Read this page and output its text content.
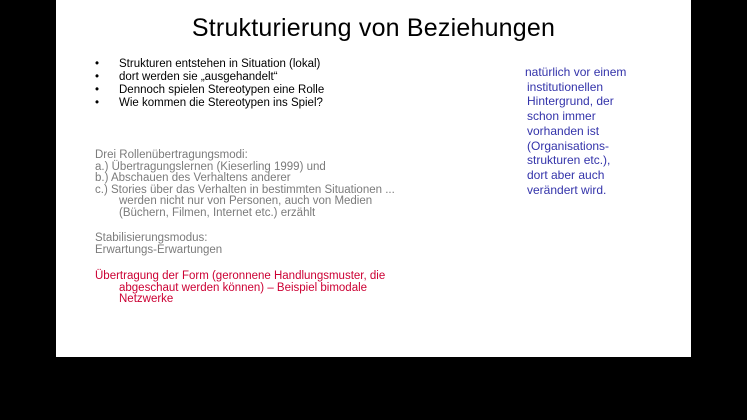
Strukturierung von Beziehungen
• Strukturen entstehen in Situation (lokal)
• dort werden sie „ausgehandelt“
• Dennoch spielen Stereotypen eine Rolle
• Wie kommen die Stereotypen ins Spiel?
natürlich vor einem
institutionellen
Hintergrund, der
schon immer
vorhanden ist
(Organisations-
strukturen etc.),
dort aber auch
verändert wird.
Drei Rollenübertragungsmodi:
a.) Übertragungslernen (Kieserling 1999) und
b.) Abschauen des Verhaltens anderer
c.) Stories über das Verhalten in bestimmten Situationen ...
werden nicht nur von Personen, auch von Medien
(Büchern, Filmen, Internet etc.) erzählt
Stabilisierungsmodus:
Erwartungs-Erwartungen
Übertragung der Form (geronnene Handlungsmuster, die
abgeschaut werden können) – Beispiel bimodale
Netzwerke
